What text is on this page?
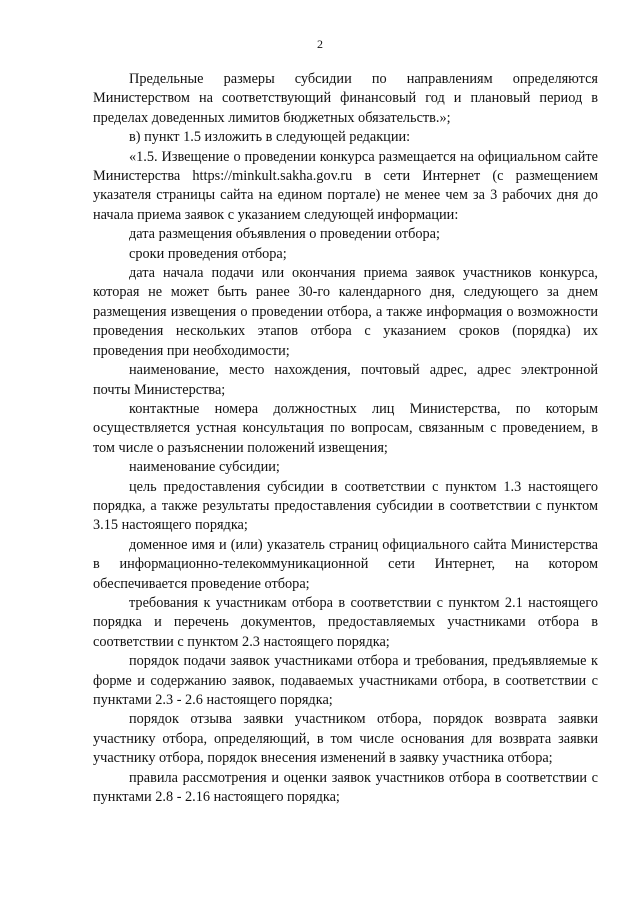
2

Предельные размеры субсидии по направлениям определяются Министерством на соответствующий финансовый год и плановый период в пределах доведенных лимитов бюджетных обязательств.»;

в) пункт 1.5 изложить в следующей редакции:

«1.5. Извещение о проведении конкурса размещается на официальном сайте Министерства https://minkult.sakha.gov.ru в сети Интернет (с размещением указателя страницы сайта на едином портале) не менее чем за 3 рабочих дня до начала приема заявок с указанием следующей информации:

дата размещения объявления о проведении отбора;

сроки проведения отбора;

дата начала подачи или окончания приема заявок участников конкурса, которая не может быть ранее 30-го календарного дня, следующего за днем размещения извещения о проведении отбора, а также информация о возможности проведения нескольких этапов отбора с указанием сроков (порядка) их проведения при необходимости;

наименование, место нахождения, почтовый адрес, адрес электронной почты Министерства;

контактные номера должностных лиц Министерства, по которым осуществляется устная консультация по вопросам, связанным с проведением, в том числе о разъяснении положений извещения;

наименование субсидии;

цель предоставления субсидии в соответствии с пунктом 1.3 настоящего порядка, а также результаты предоставления субсидии в соответствии с пунктом 3.15 настоящего порядка;

доменное имя и (или) указатель страниц официального сайта Министерства в информационно-телекоммуникационной сети Интернет, на котором обеспечивается проведение отбора;

требования к участникам отбора в соответствии с пунктом 2.1 настоящего порядка и перечень документов, предоставляемых участниками отбора в соответствии с пунктом 2.3 настоящего порядка;

порядок подачи заявок участниками отбора и требования, предъявляемые к форме и содержанию заявок, подаваемых участниками отбора, в соответствии с пунктами 2.3 - 2.6 настоящего порядка;

порядок отзыва заявки участником отбора, порядок возврата заявки участнику отбора, определяющий, в том числе основания для возврата заявки участнику отбора, порядок внесения изменений в заявку участника отбора;

правила рассмотрения и оценки заявок участников отбора в соответствии с пунктами 2.8 - 2.16 настоящего порядка;
